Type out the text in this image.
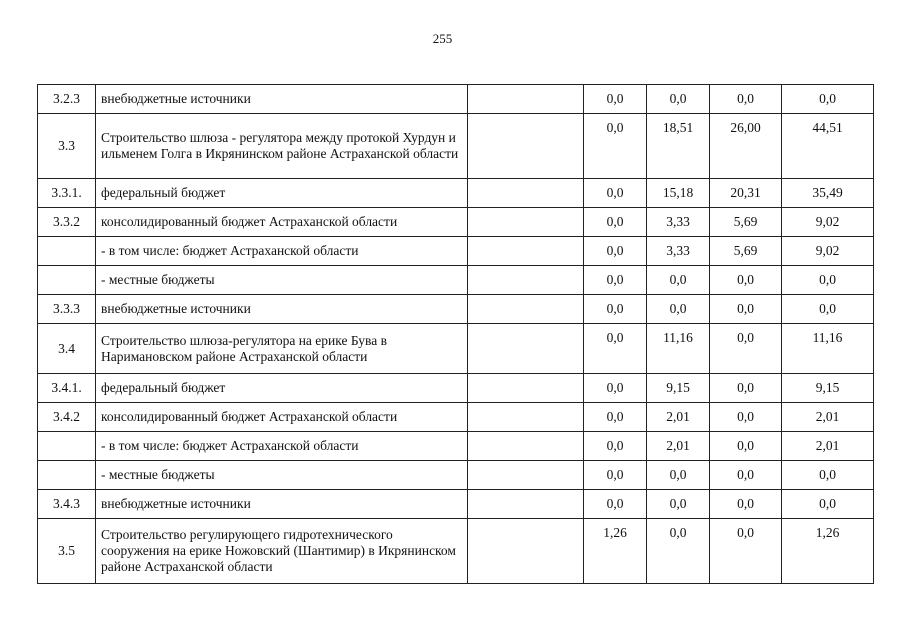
255
3.2.3	внебюджетные источники		0,0	0,0	0,0	0,0
3.3	Строительство шлюза - регулятора между протокой Хурдун и ильменем Голга в Икрянинском районе Астраханской области		0,0	18,51	26,00	44,51
3.3.1.	федеральный бюджет		0,0	15,18	20,31	35,49
3.3.2	консолидированный бюджет Астраханской области		0,0	3,33	5,69	9,02
	- в том числе: бюджет Астраханской области		0,0	3,33	5,69	9,02
	- местные бюджеты		0,0	0,0	0,0	0,0
3.3.3	внебюджетные источники		0,0	0,0	0,0	0,0
3.4	Строительство шлюза-регулятора на ерике Бува в Наримановском районе Астраханской области		0,0	11,16	0,0	11,16
3.4.1.	федеральный бюджет		0,0	9,15	0,0	9,15
3.4.2	консолидированный бюджет Астраханской области		0,0	2,01	0,0	2,01
	- в том числе: бюджет Астраханской области		0,0	2,01	0,0	2,01
	- местные бюджеты		0,0	0,0	0,0	0,0
3.4.3	внебюджетные источники		0,0	0,0	0,0	0,0
3.5	Строительство регулирующего гидротехнического сооружения на ерике Ножовский (Шантимир) в Икрянинском районе Астраханской области		1,26	0,0	0,0	1,26
